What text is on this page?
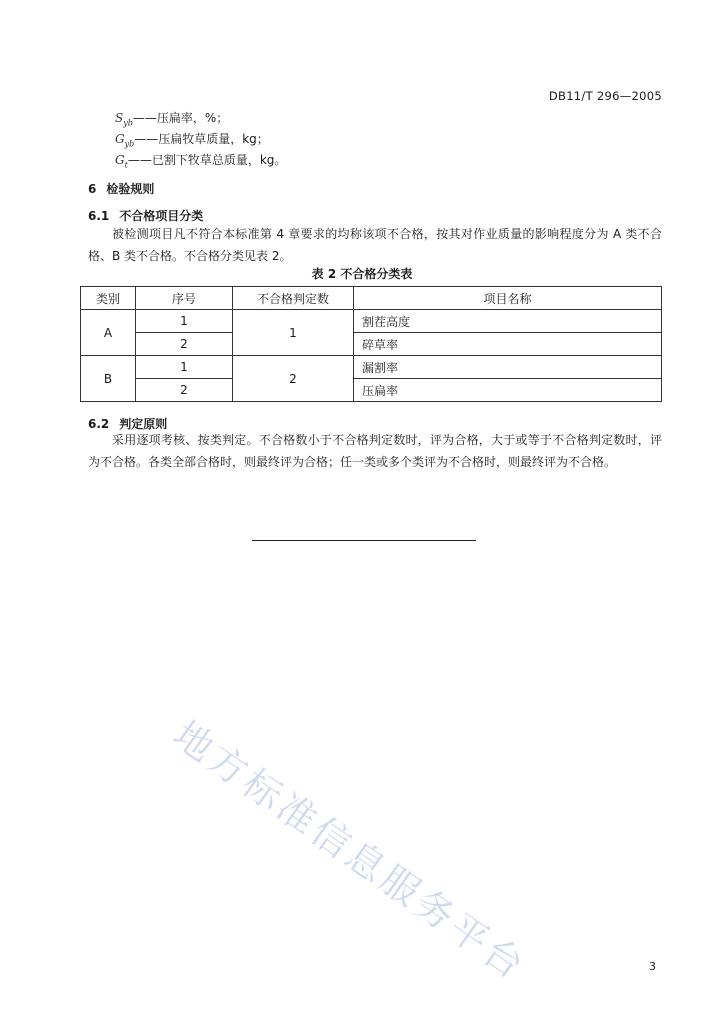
DB11/T 296—2005
$S_{yb}——$压扁率，%；
$G_{yb}——$压扁牧草质量，kg；
$G_t——$已割下牧草总质量，kg。
6 检验规则
6.1 不合格项目分类
被检测项目凡不符合本标准第 4 章要求的均称该项不合格，按其对作业质量的影响程度分为 A 类不合格、B 类不合格。不合格分类见表 2。
表 2 不合格分类表
类别	序号	不合格判定数	项目名称
A	1	1	割茬高度
	2		碎草率
B	1	2	漏割率
	2		压扁率
6.2 判定原则
采用逐项考核、按类判定。不合格数小于不合格判定数时，评为合格，大于或等于不合格判定数时，评为不合格。各类全部合格时，则最终评为合格；任一类或多个类评为不合格时，则最终评为不合格。
地方标准信息服务平台	3
